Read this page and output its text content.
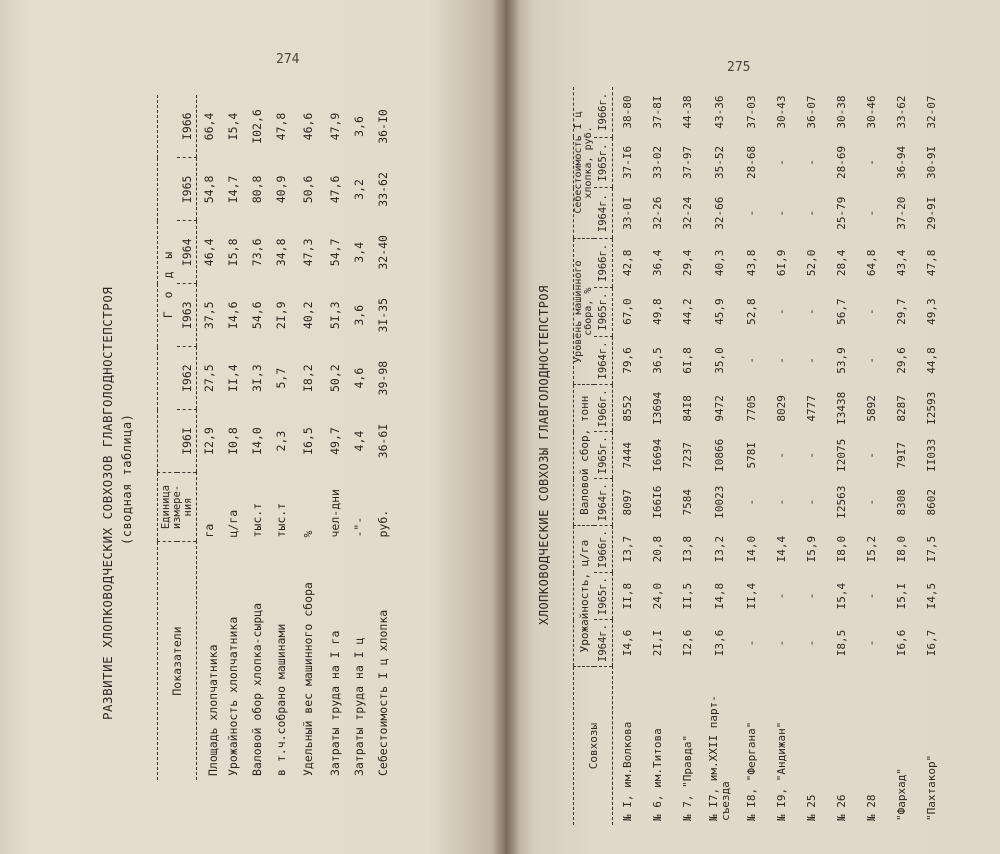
274
РАЗВИТИЕ ХЛОПКОВОДЧЕСКИХ СОВХОЗОВ ГЛАВГОЛОДНОСТЕПСТРОЯ (сводная таблица)
Показатели	Единица измере- ния	Г о д ы					
		I96I	I962	I963	I964	I965	I966
Площадь хлопчатника	га	I2,9	27,5	37,5	46,4	54,8	66,4
Урожайность хлопчатника	ц/га	I0,8	II,4	I4,6	I5,8	I4,7	I5,4
Валовой обор хлопка-сырца	тыс.т	I4,0	3I,3	54,6	73,6	80,8	I02,6
в т.ч.собрано машинами	тыс.т	2,3	5,7	2I,9	34,8	40,9	47,8
Удельный вес машинного сбора	%	I6,5	I8,2	40,2	47,3	50,6	46,6
Затраты труда на I га	чел-дни	49,7	50,2	5I,3	54,7	47,6	47,9
Затраты труда на I ц	-"-	4,4	4,6	3,6	3,4	3,2	3,6
Себестоимость I ц хлопка	руб.	36-6I	39-98	3I-35	32-40	33-62	36-I0
275
ХЛОПКОВОДЧЕСКИЕ СОВХОЗЫ ГЛАВГОЛОДНОСТЕПСТРОЯ
Совхозы	Урожайность, ц/га			Валовой сбор, тонн			Уровень машинного сбора, %			Себестоимость I ц хлопка, руб.		
	I964г.	I965г.	I966г.	I964г.	I965г.	I966г.	I964г.	I965г.	I966г.	I964г.	I965г.	I966г.
№ I, им.Волкова	I4,6	II,8	I3,7	8097	7444	8552	79,6	67,0	42,8	33-0I	37-I6	38-80
№ 6, им.Титова	2I,I	24,0	20,8	I66I6	I6694	I3694	36,5	49,8	36,4	32-26	33-02	37-8I
№ 7, "Правда"	I2,6	II,5	I3,8	7584	7237	84I8	6I,8	44,2	29,4	32-24	37-97	44-38
№ I7, им.XXII парт-съезда	I3,6	I4,8	I3,2	I0023	I0866	9472	35,0	45,9	40,3	32-66	35-52	43-36
№ I8, "Фергана"	-	II,4	I4,0	-	578I	7705	-	52,8	43,8	-	28-68	37-03
№ I9, "Андижан"	-	-	I4,4	-	-	8029	-	-	6I,9	-	-	30-43
№ 25	-	-	I5,9	-	-	4777	-	-	52,0	-	-	36-07
№ 26	I8,5	I5,4	I8,0	I2563	I2075	I3438	53,9	56,7	28,4	25-79	28-69	30-38
№ 28	-	-	I5,2	-	-	5892	-	-	64,8	-	-	30-46
"Фархад"	I6,6	I5,I	I8,0	8308	79I7	8287	29,6	29,7	43,4	37-20	36-94	33-62
"Пахтакор"	I6,7	I4,5	I7,5	8602	II033	I2593	44,8	49,3	47,8	29-9I	30-9I	32-07
